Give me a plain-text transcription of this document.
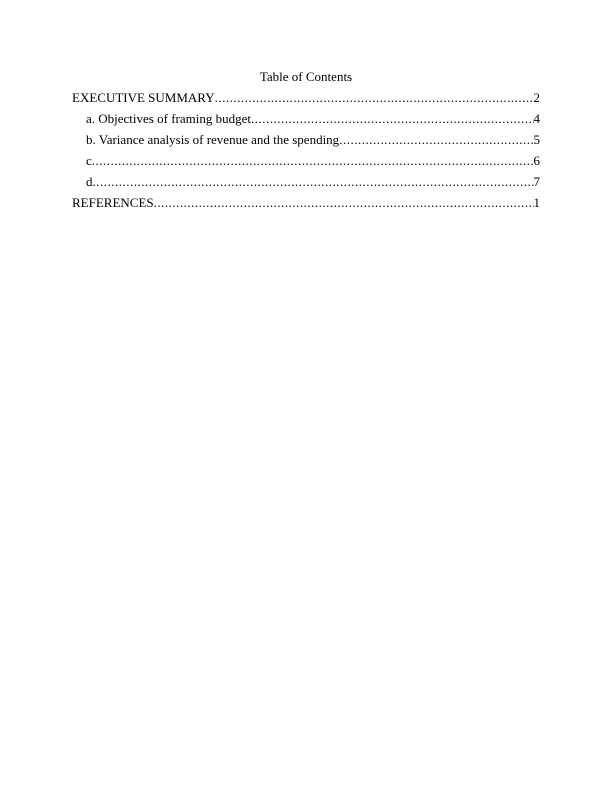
Table of Contents
EXECUTIVE SUMMARY .....	2
a. Objectives of framing budget .....	4
b. Variance analysis of revenue and the spending .....	5
c .....	6
d .....	7
REFERENCES .....	1
